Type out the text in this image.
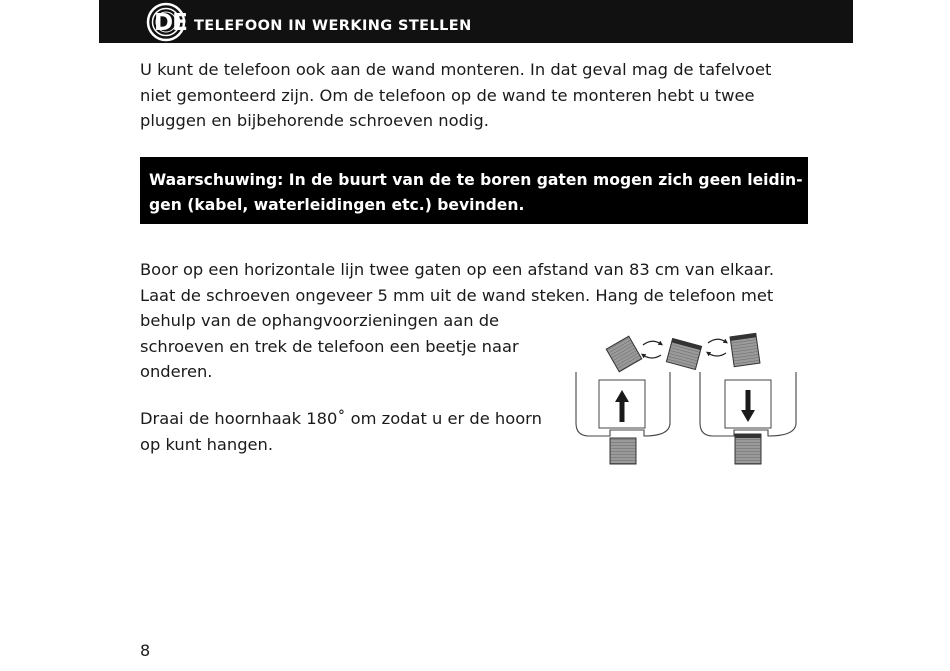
DE TELEFOON IN WERKING STELLEN
U kunt de telefoon ook aan de wand monteren. In dat geval mag de tafelvoet
niet gemonteerd zijn. Om de telefoon op de wand te monteren hebt u twee
pluggen en bijbehorende schroeven nodig.
Waarschuwing: In de buurt van de te boren gaten mogen zich geen leidin-
gen (kabel, waterleidingen etc.) bevinden.
Boor op een horizontale lijn twee gaten op een afstand van 83 cm van elkaar.
Laat de schroeven ongeveer 5 mm uit de wand steken. Hang de telefoon met
behulp van de ophangvoorzieningen aan de
schroeven en trek de telefoon een beetje naar
onderen.
Draai de hoornhaak 180˚ om zodat u er de hoorn
op kunt hangen.
8
